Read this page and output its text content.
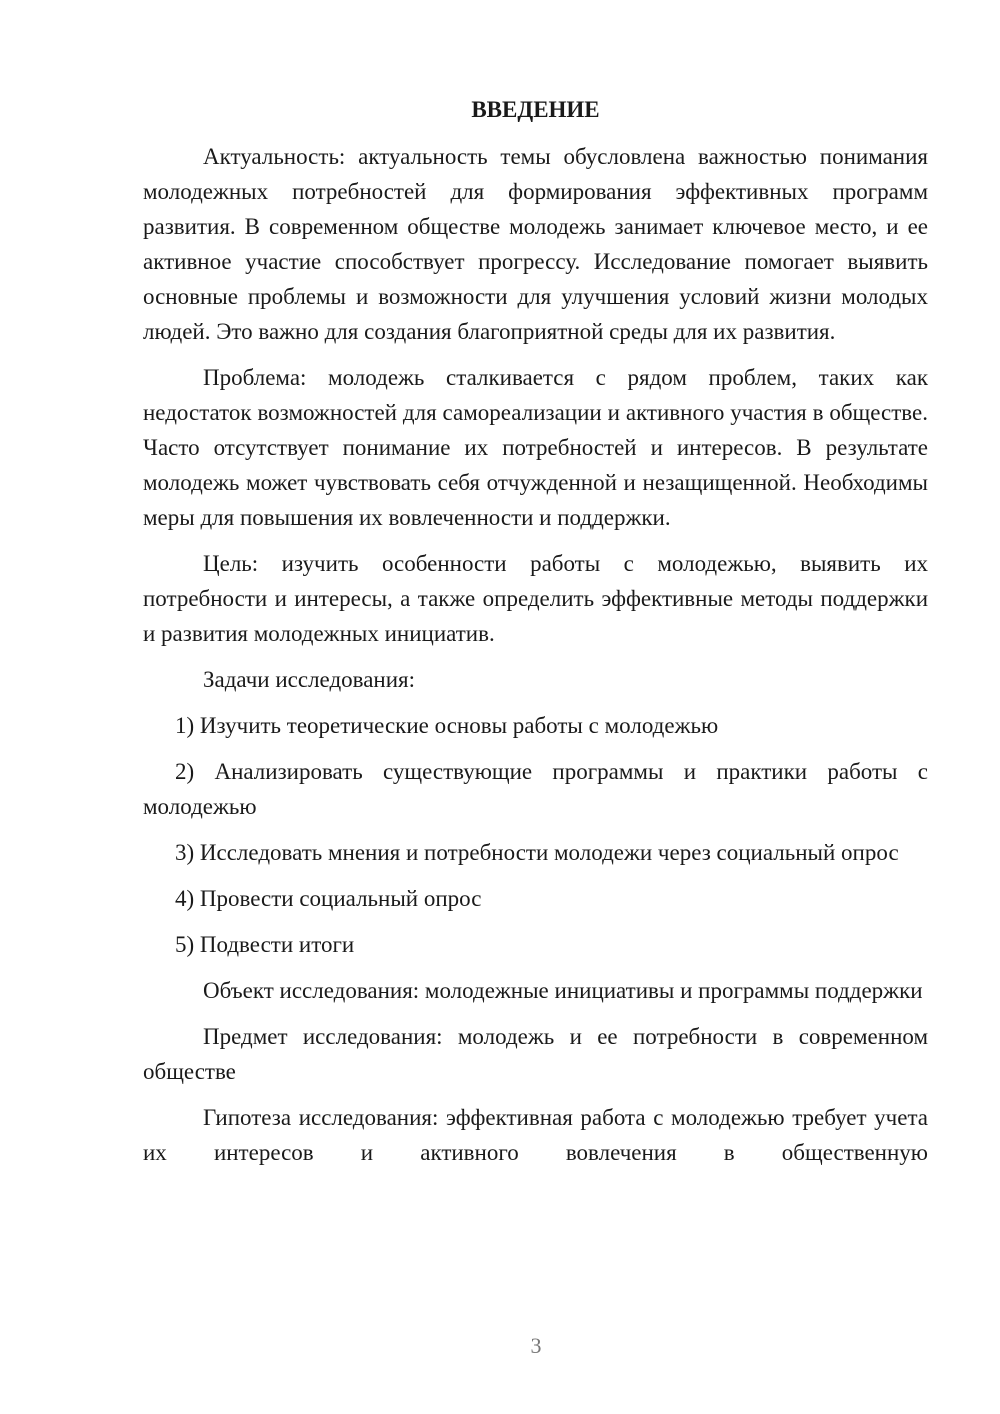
ВВЕДЕНИЕ

Актуальность: актуальность темы обусловлена важностью понимания молодежных потребностей для формирования эффективных программ развития. В современном обществе молодежь занимает ключевое место, и ее активное участие способствует прогрессу. Исследование помогает выявить основные проблемы и возможности для улучшения условий жизни молодых людей. Это важно для создания благоприятной среды для их развития.

Проблема: молодежь сталкивается с рядом проблем, таких как недостаток возможностей для самореализации и активного участия в обществе. Часто отсутствует понимание их потребностей и интересов. В результате молодежь может чувствовать себя отчужденной и незащищенной. Необходимы меры для повышения их вовлеченности и поддержки.

Цель: изучить особенности работы с молодежью, выявить их потребности и интересы, а также определить эффективные методы поддержки и развития молодежных инициатив.

Задачи исследования:

1) Изучить теоретические основы работы с молодежью

2) Анализировать существующие программы и практики работы с молодежью

3) Исследовать мнения и потребности молодежи через социальный опрос

4) Провести социальный опрос

5) Подвести итоги

Объект исследования: молодежные инициативы и программы поддержки

Предмет исследования: молодежь и ее потребности в современном обществе

Гипотеза исследования: эффективная работа с молодежью требует учета их интересов и активного вовлечения в общественную

3
